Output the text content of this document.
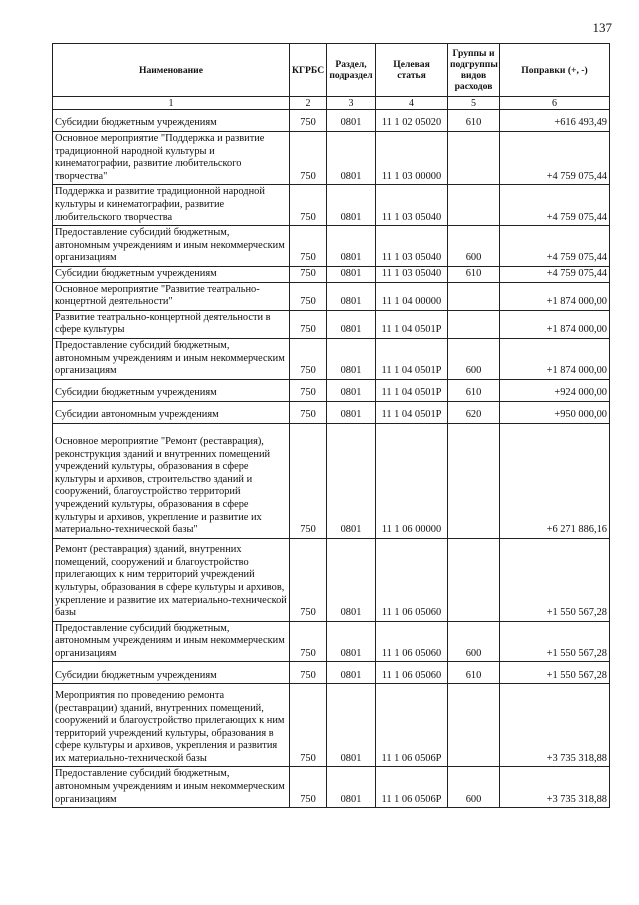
137
Наименование	КГРБС	Раздел, подраздел	Целевая статья	Группы и подгруппы видов расходов	Поправки (+, -)
1	2	3	4	5	6
Субсидии бюджетным учреждениям	750	0801	11 1 02 05020	610	+616 493,49
Основное мероприятие "Поддержка и развитие традиционной народной культуры и кинематографии, развитие любительского творчества"	750	0801	11 1 03 00000		+4 759 075,44
Поддержка и развитие традиционной народной культуры и кинематографии, развитие любительского творчества	750	0801	11 1 03 05040		+4 759 075,44
Предоставление субсидий бюджетным, автономным учреждениям и иным некоммерческим организациям	750	0801	11 1 03 05040	600	+4 759 075,44
Субсидии бюджетным учреждениям	750	0801	11 1 03 05040	610	+4 759 075,44
Основное мероприятие "Развитие театрально-концертной деятельности"	750	0801	11 1 04 00000		+1 874 000,00
Развитие театрально-концертной деятельности в сфере культуры	750	0801	11 1 04 0501Р		+1 874 000,00
Предоставление субсидий бюджетным, автономным учреждениям и иным некоммерческим организациям	750	0801	11 1 04 0501Р	600	+1 874 000,00
Субсидии бюджетным учреждениям	750	0801	11 1 04 0501Р	610	+924 000,00
Субсидии автономным учреждениям	750	0801	11 1 04 0501Р	620	+950 000,00
Основное мероприятие "Ремонт (реставрация), реконструкция зданий и внутренних помещений учреждений культуры, образования в сфере культуры и архивов, строительство зданий и сооружений, благоустройство территорий учреждений культуры, образования в сфере культуры и архивов, укрепление и развитие их материально-технической базы"	750	0801	11 1 06 00000		+6 271 886,16
Ремонт (реставрация) зданий, внутренних помещений, сооружений и благоустройство прилегающих к ним территорий учреждений культуры, образования в сфере культуры и архивов, укрепление и развитие их материально-технической базы	750	0801	11 1 06 05060		+1 550 567,28
Предоставление субсидий бюджетным, автономным учреждениям и иным некоммерческим организациям	750	0801	11 1 06 05060	600	+1 550 567,28
Субсидии бюджетным учреждениям	750	0801	11 1 06 05060	610	+1 550 567,28
Мероприятия по проведению ремонта (реставрации) зданий, внутренних помещений, сооружений и благоустройство прилегающих к ним территорий учреждений культуры, образования в сфере культуры и архивов, укрепления и развития их материально-технической базы	750	0801	11 1 06 0506Р		+3 735 318,88
Предоставление субсидий бюджетным, автономным учреждениям и иным некоммерческим организациям	750	0801	11 1 06 0506Р	600	+3 735 318,88
